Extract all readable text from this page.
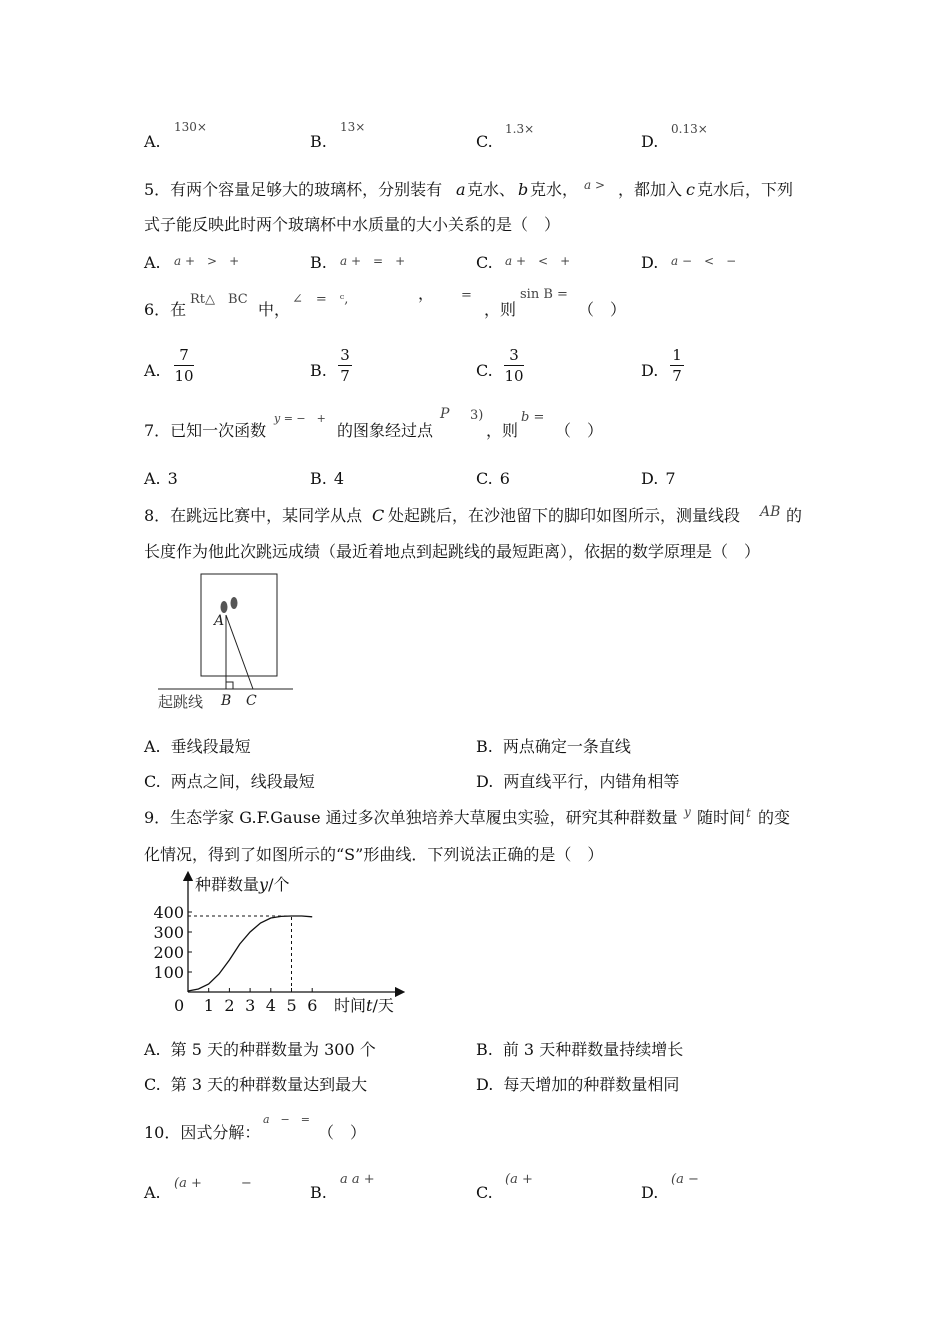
A.
130×
B.
13×
C.
1.3×
D.
0.13×
5．有两个容量足够大的玻璃杯，分别装有 a 克水、 b 克水， a > ，都加入 c 克水后，下列
式子能反映此时两个玻璃杯中水质量的大小关系的是（　）
A. a +　>　+	B. a +　=　+	C. a +　<　+	D. a −　<　−
6．在
Rt△　BC
中，
∠　=　ᶜ,	， =
，则
sin B =
（　）
A.
7
10	B.
3
7	C.
3
10	D.
1
7
7．已知一次函数
y = −　+
的图象经过点
P 3)
，则
b =
（　）
A. 3	B. 4	C. 6	D. 7
8．在跳远比赛中，某同学从点 C 处起跳后，在沙池留下的脚印如图所示，测量线段 AB 的
长度作为他此次跳远成绩（最近着地点到起跳线的最短距离），依据的数学原理是（　）
A
B C
起跳线
A. 垂线段最短	B. 两点确定一条直线
C. 两点之间，线段最短	D. 两直线平行，内错角相等
9．生态学家 G.F.Gause 通过多次单独培养大草履虫实验，研究其种群数量 y 随时间 t 的变
化情况，得到了如图所示的“S”形曲线．下列说法正确的是（　）
0 1 2 3 4 5 6
100
200
300
400
种群数量y/个
时间t/天
A. 第 5 天的种群数量为 300 个	B. 前 3 天种群数量持续增长
C. 第 3 天的种群数量达到最大	D. 每天增加的种群数量相同
10．因式分解：
a　−　=
（　）
A. (a +　　　−	B.
a a +
C.
(a +
D.
(a −
